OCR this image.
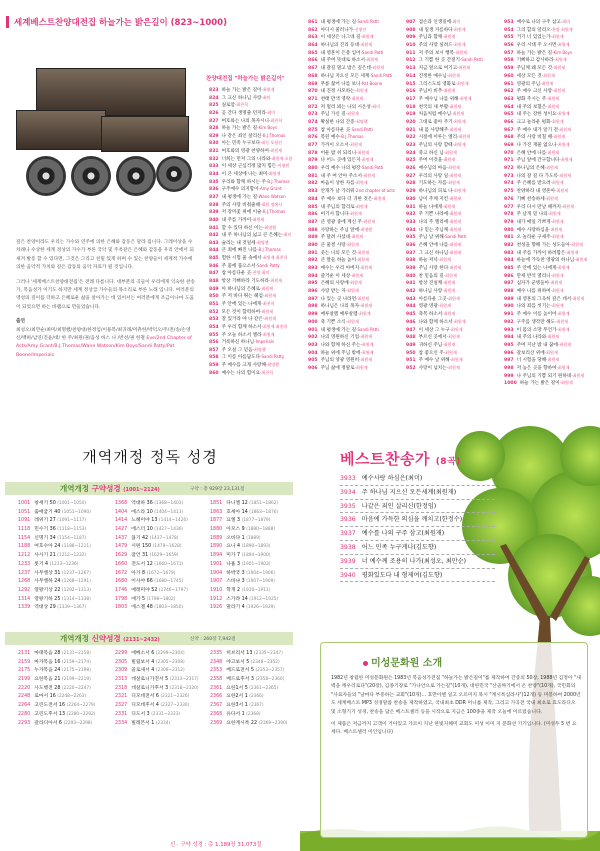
세계베스트찬양대전집 하늘가는 밝은길이 (823~1000)

깊은 찬양이라도 우리는 가수와 연주에 의한 은혜와 감동은 달라 집니다. 그레이상을 수 차례나 수상한 세계 정상의 가수가 부른 국악 및 주옥같은 은혜와 감동을 우리 안에서 되새겨 발흥 할 수 있다면, 그것은 그리고 친밀 있게 하며 수 있는 찬양들이 세계적 가수에 의한 음악적 가치와 깊은 감동의 음악 자료가 될 것입니다.

그러나 '세계베스트찬양대전집'은 전례 다름니다. 대부분의 곡들이 우리에게 익숙한 찬송가, 복음성가 이기도 하지만 세계 정상급 가수들의 목소리로 부른 노래 입니다. 여러분의 영성의 깊이를 더하고 은혜로운 삶을 살아가는 데 있어서는 여러분에게 조금이나마 도움이 되었으면 하는 바램으로 만들었습니다.

출연
최성오/최만순/최미/최명했/찬양대/한정임/이용복/최귀래/미츄한/박덕오/주/전/송/손영신/백하/남연/진윤/대/ 한 주/최원/권/음성 바스 나 /반선/권 한철 Eve/2nd Chapter of Acts/Amy Grant/B.J.Thomas/Wane Watson/Kim Boys/Sandi Patty/Pat Boone/Imperials
찬양대전집 "하늘가는 밝은길이"
823 하늘 가는 밝은 길이-최원재
824 그 크신 하나님 사랑-최미
825 실로암-최찬희
826 곧 간다 생명줄 던져라-최미
827 여호와는 나의 목자시니-최찬희
828 하늘 가는 밝은 길-Kim Boys
829 나 같은 죄인 살리신-B.J.Thomas
830 아는 민족 누구보다-최동 포함진
831 여호와의 영광 찬양하여-최원재
832 너희는 먼저 그의 나라와-최원재 포함
833 이 세상 근심걱정 많지 힘든-이영원
834 이 큰 세상에 나는 최미-최원재
835 우리와 함께 하시는 주-B.J.Thomas
836 구주예수 의지함이-Amy Grant
837 내 평생에 가는 길-Wane Watson
838 주의 사랑 비춰줄때-최원 정에서
839 저 장미꽃 위에 이슬-B.J.Thomas
840 내 주를 가까이-최원재
841 할 수 있다 하신 이는-최명했
842 내 주 하나님의 넓고 큰 은혜는-최미
843 슬리는 내 것일세-최명했
844 큰 죄에 빠진 나를-B.J.Thomas
845 험한 시험 물 속에서-최원재 최찬희
846 주 품에 품으소서-Sandi Patty
847 참 아름다운 곳-찬양 최미
848 항상 기뻐하라 기도하라-최원재
849 아 하나님의 은혜로-최원재
850 주 저 바다 뛰는 헤엄-최원재
851 주 안에 있는 나에게-최찬희
852 모든 것이 합력하여-최원재
853 잘 있거라 야 나 같은-최원재
854 주 우리 함께 하소서-최원재 최찬희
855 주 오늘 하소서 엘라-최원재
856 거룩하신 하나님-Imperials
857 주 오실 그 믿음-최명했
858 그 이름 아름답도다-Sandi Patty
859 주 예수를 크게 사랑해-최명했
860 예수는 나의 힘이요-최찬희
861 내 평생에 가는 길-Sandi Patti
862 아디시 물러나가-신명진
863 이 세상은 나그네 길-최원재
864 하나님의 진리 등대-최원재
865 내 영혼이 은총 입어-Sandi Patti
866 내 주여 뜻대로 하소서-최원재
867 내 갈길 멀고 밤은 깊은데-최원재
868 하나님 지으신 모든 세계-Sandi Patti
869 무릎 꿇어 나를 보니-Pat Boone
870 내 진정 사모하는-최원재
871 천태 만색 영락-최원재
872 저 멀리 뵈는 나의 시온성-최미
873 주님 가신 길-최원재
874 확실한 나의 간증-최명했
875 참 아름다운 곳-Sandi Patti
876 복된 예수-B.J.Thomas
877 가까이 오소서-최원재
878 어둔 밤 쉬 되리니-최원재
879 나 어느 곳에 있든지-최원재
880 우리 예수 나의 평강-Sandi Patti
881 내 주 여 안아 주소서-최원재
882 마음이 상한 자를-최원재
883 안개가 날 가리워-2nd chapter of acts
884 주 예수 보다 더 귀한 것은-최원재
885 내 주님의 합리로-최원재
886 여기서 합니다-최원재
887 큰 영광 중에 계신 주-최원재
888 사랑하는 주님 앞에-최명했
889 주 달려 사셨네-최원재
890 큰 물결 사랑-최원재
891 웃는 나의 모든 것-최원재
892 큰 딸들 하늘 높이-최원재
893 예수는 우리 아버지-최원재
894 즐거운 이 세상-최원재
895 은혜의 사랑에-최원재
896 사랑 받는 자-최원재
897 나 있는 곳 나라면-최원재
898 하나님은 나의 목자-최원재
899 예루살렘 예루살렘-최원재
900 축 기쁜 소식-최원재
901 내 평생에 가는 길-Sandi Patti
902 나의 영원하신 기업-최원재
903 나와 함께 하신 주는-최원재
904 하늘 위에 주님 밖에-최원재
905 주님의 영광 영원히-최원재
906 주님 삶에 정말로-최원재
907 겸손과 인생길에-최미
908 내 일생 지름하다-최원재
909 주님과 함께-최원재
910 주의 사랑 실려드-최원재
911 저 주의 보시 행복-최원재
912 그 기쁨 한 곳 간절기-Sandi Patti
913 지금 엎으로 여기고-최원재
914 진정한 예수님-최원재
915 그리스도의 영화로-최원재
916 주님이 비추-최원재
917 주 예수님 나를 위해-최원재
918 천국의 새 부활-최원재
919 처음처럼 예수님-최원재
920 그대로 좋아 주기-최원재
921 내 몸 사랑해주-최원재
922 시절에 이루는 엘리-최원재
923 주님의 사랑 할때-최원재
924 죽고 하신 님-최원재
925 주여 이것을-최원재
926 예수님의 마음-최원재
927 우리의 사랑 일-최원재
928 기도하는 자를-최원재
929 하나님의 피로 나-최원재
930 남이 주께 지킨-최원재
931 하늘 나에게-최원재
932 주 기쁜 나라에-최원재
933 나의 주 엘리에-최원재
934 나 믿는 주님께-최원재
935 주님 날 위해-Sandi Patti
936 은혜 안에 나를-최원재
937 그 크신 하나님-최원재
938 하늘 저녁-최원재
939 주님 사랑 한다-최원재
940 찬 믿음의 길-최원재
941 항상 진실케-최원재
942 하나님 사랑-최원재
943 아름다운 그곳-최원재
944 영광 영광-최원재
945 축복 하소서-최원재
946 나와 함께 하소서-최원재
947 이 세상 그 누구-최원재
948 부르신 곳에서-최원재
949 귀하신 주님-최원재
950 참 좋으신 주-최원재
951 주 예수 날 위해-최원재
952 사랑이 넘치는-최원재
953 예수로 나의 구주 삼고-최미
954 그리 합의 알리오-찬양 최원재
955 거기 너 있었는가-최원재
956 우리 시대 주 오시면-최원재
957 하늘 가는 밝은 길-Kim Boys
958 기뻐하고 감사하라-최원재
959 주님께 왜 모든 것-최원재
960 세상 모든 것-최원재
961 영광의 주님-최원재
962 주 예수 크신 사랑-최원재
963 평화 주시는 주-최원재
964 내 주의 보혈은-최원재
965 내 주는 강한 성이요-최원재
966 크고 놀라운 평화-최원재
967 주 예수 내가 알기 전-최원재
968 주의 사랑 비칠 때-최원재
969 나 가진 재물 없으나-최원재
970 은혜 안에 나를-최원재
971 주님 앞에 간구합니다-최원재
972 하나님의 은혜-최원재
973 나의 갈 길 다 가도록-최원재
974 주 은혜를 받으려-최원재
975 찬양하라 내 영혼아-최원재
976 기뻐 찬송하세-최원재
977 우리 다시 만날 때까지-최원재
978 주 날개 밑 나의-최원재
979 내가 매일 기쁘게-최원재
980 예수 사랑하심을-최원재
981 오 놀라운 구세주-최원재
982 천성을 향해 가는 성도들아-최원재
983 내 주를 가까이 하려함은-최원재
984 하늘에 가득찬 영광의 하나님-최원재
985 주 안에 있는 나에게-최원재
986 만세 반석 열리니-최원재
987 십자가 군병들아-최원재
988 예수 나를 위하여-최원재
989 내 영혼의 그윽히 깊은 데서-최원재
990 나의 죄를 씻기는-최원재
991 주 예수 이름 높이어-최원재
992 구주를 생각만 해도-최원재
993 이 몸의 소망 무언가-최원재
994 내 주의 나라와-최원재
995 주여 지난 밤 내 꿈에-최원재
996 갈보리산 위에-최원재
997 너 시험을 당해-최원재
998 저 높은 곳을 향하여-최원재
999 나 주님의 기쁨 되기 원하네-최원재
1000 하늘 가는 밝은 길이-최원재
개역개정 정독 성경
개역개정 구약성경 (1001~2124)	구약 : 총 929장 23,131절
1001 창세기 50 (1001~1050)
1051 출애굽기 40 (1051~1090)
1091 레위기 27 (1091~1117)
1118 민수기 36 (1118~1153)
1154 신명기 34 (1154~1187)
1188 여호수아 24 (1188~1211)
1212 사사기 21 (1212~1232)
1233 룻기 4 (1233~1236)
1237 사무엘상 31 (1237~1267)
1268 사무엘하 24 (1268~1291)
1292 열왕기상 22 (1292~1313)
1314 열왕기하 25 (1314~1338)
1339 역대상 29 (1339~1367)
1368 역대하 36 (1368~1403)
1404 에스라 10 (1404~1413)
1414 느헤미야 13 (1414~1426)
1427 에스더 10 (1427~1436)
1437 욥기 42 (1437~1478)
1479 시편 150 (1479~1628)
1629 잠언 31 (1629~1659)
1660 전도서 12 (1660~1671)
1672 아가 8 (1672~1679)
1680 이사야 66 (1680~1745)
1746 예레미야 52 (1746~1797)
1798 애가 5 (1798~1802)
1803 에스겔 48 (1803~1850)
1851 다니엘 12 (1851~1862)
1863 호세아 14 (1863~1876)
1877 요엘 3 (1877~1879)
1880 아모스 9 (1880~1888)
1889 오바댜 1 (1889)
1890 요나 4 (1890~1893)
1894 미가 7 (1894~1900)
1901 나훔 3 (1901~1903)
1904 하박국 3 (1904~1906)
1907 스바냐 3 (1907~1909)
1910 학개 2 (1910~1911)
1912 스가랴 14 (1912~1925)
1926 말라기 4 (1926~1929)
개역개정 신약성경 (2131~2432)	신약 : 260장 7,942절
2131 마태복음 28 (2131~2158)
2159 마가복음 16 (2159~2174)
2175 누가복음 24 (2175~2198)
2199 요한복음 21 (2199~2219)
2220 사도행전 28 (2220~2247)
2248 로마서 16 (2248~2263)
2264 고린도전서 16 (2264~2279)
2280 고린도후서 13 (2280~2292)
2293 갈라디아서 6 (2293~2298)
2299 에베소서 6 (2299~2304)
2305 빌립보서 4 (2305~2308)
2309 골로새서 4 (2309~2312)
2313 데살로니가전서 5 (2313~2317)
2318 데살로니가후서 3 (2318~2320)
2321 디모데전서 6 (2321~2326)
2327 디모데후서 4 (2327~2330)
2331 디도서 3 (2331~2333)
2334 빌레몬서 1 (2334)
2335 히브리서 13 (2335~2347)
2348 야고보서 5 (2348~2352)
2353 베드로전서 5 (2353~2357)
2358 베드로후서 3 (2358~2360)
2361 요한1서 5 (2361~2365)
2366 요한2서 1 (2366)
2367 요한3서 1 (2367)
2368 유다서 1 (2368)
2369 요한계시록 22 (2369~2390)
신 · 구약 성경 : 총 1,189장 31,073절
베스트찬송가 (8곡)
3933 예수사랑 하심은(최미)
3934 주 하나님 지으신 모든세계(최원재)
3935 나같은 죄인 살리신(한정임)
3936 마음에 가득한 의심을 깨치고(한정수)
3937 예수를 나의 구주 삼고(최원재)
3938 어느 민족 누구게나(김도향)
3939 너 예수께 조용히 나가(최성오, 최만순)
3940 평화있도다 내 형제여(김도향)
미성문화원 소개

1982년 창립한 미성문화원은 1983년 복음성가전집 "하늘가는 밝은길이"를 제작하여 간증의 50장, 1988년 김정아 "새벽을 깨우리로다"(20장), 김종기장로 "가나안으로 가는길"(10개), 대한민국 "산골짜기에서 온 찬양"(10개), 국민회의 "사료자들의 "날마다 부흥하는 교회"(10개)... 호만아멘 일고 오르미지 묵시 "계시록심라사"(12개) 등 미봉하여 2000년도 세계베스트 MP3 성경말씀 찬송을 제작하였고, 국내최초 DDR 미니를 제작, 그리고 가곡전 국내 최초로 효도라디오 및 소형기기 성경, 찬송을 담은 베스트셀러 등을 시작으로 지금은 100종을 제작 오늘에 이르렀습니다.

이 제품은 저금까지 고객이 거아있고 가르이 지난 한빛지혜미 교회도 미성 이미 지 문화선 기기입니다. (미성두 5 번 요 세다. 베스트셀러 이인입니다)
